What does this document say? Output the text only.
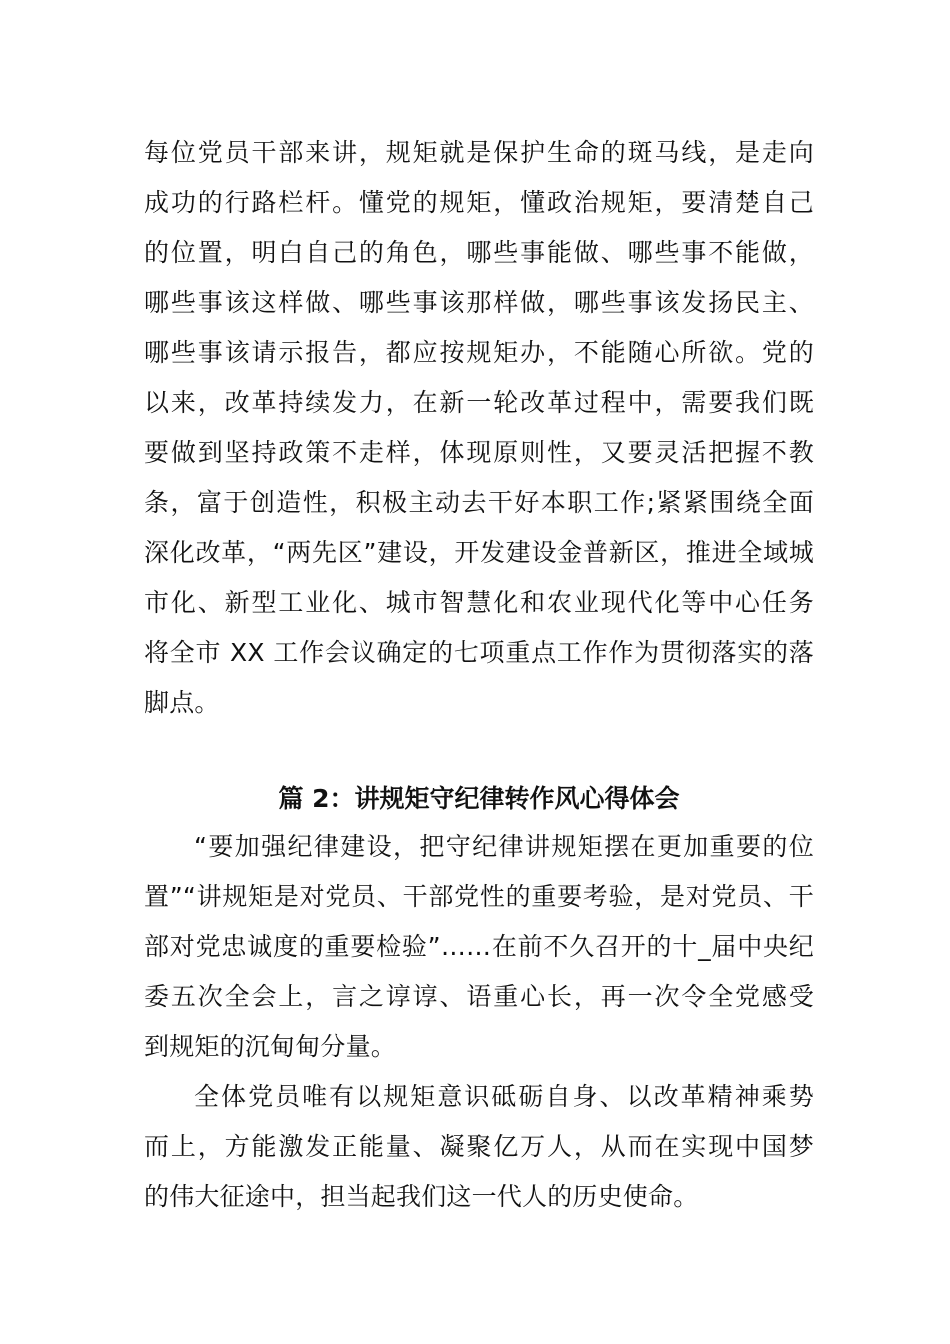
每位党员干部来讲，规矩就是保护生命的斑马线，是走向
成功的行路栏杆。懂党的规矩，懂政治规矩，要清楚自己
的位置，明白自己的角色，哪些事能做、哪些事不能做，
哪些事该这样做、哪些事该那样做，哪些事该发扬民主、
哪些事该请示报告，都应按规矩办，不能随心所欲。党的
以来，改革持续发力，在新一轮改革过程中，需要我们既
要做到坚持政策不走样，体现原则性，又要灵活把握不教
条，富于创造性，积极主动去干好本职工作;紧紧围绕全面
深化改革，“两先区”建设，开发建设金普新区，推进全域城
市化、新型工业化、城市智慧化和农业现代化等中心任务
将全市 XX 工作会议确定的七项重点工作作为贯彻落实的落
脚点。
篇 2：讲规矩守纪律转作风心得体会
“要加强纪律建设，把守纪律讲规矩摆在更加重要的位
置”“讲规矩是对党员、干部党性的重要考验，是对党员、干
部对党忠诚度的重要检验”……在前不久召开的十_届中央纪
委五次全会上，言之谆谆、语重心长，再一次令全党感受
到规矩的沉甸甸分量。
全体党员唯有以规矩意识砥砺自身、以改革精神乘势
而上，方能激发正能量、凝聚亿万人，从而在实现中国梦
的伟大征途中，担当起我们这一代人的历史使命。
